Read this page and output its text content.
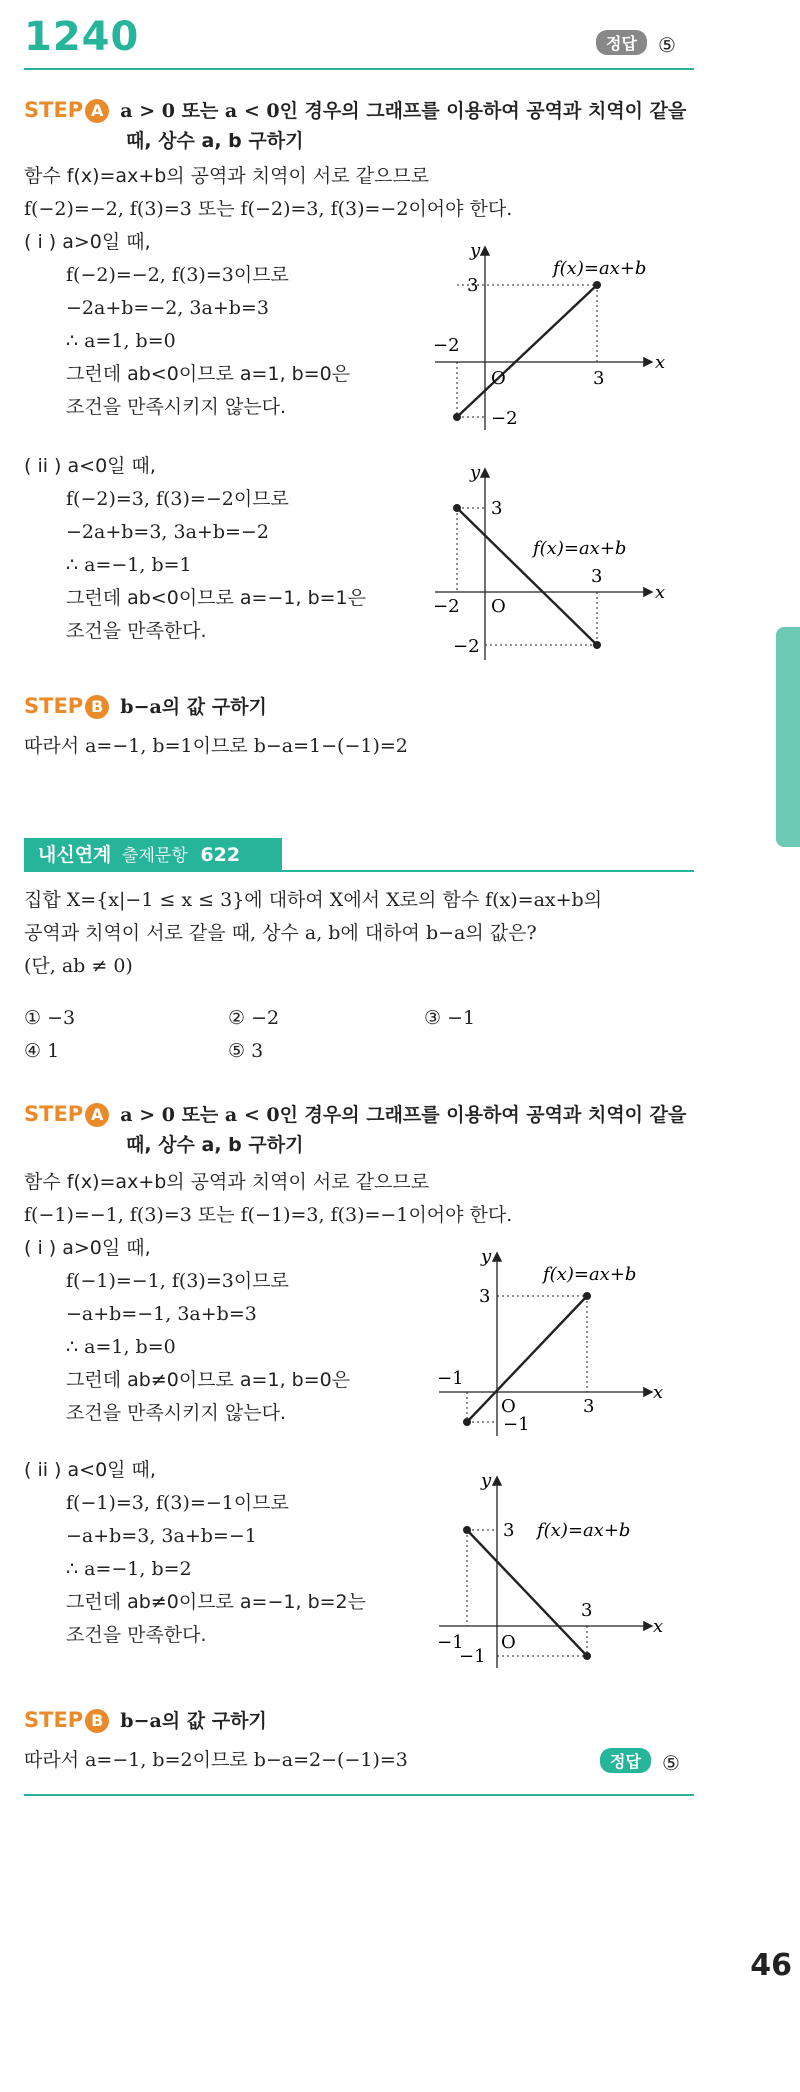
1240	정답 ⑤
STEP A a > 0 또는 a < 0인 경우의 그래프를 이용하여 공역과 치역이 같을
때, 상수 a, b 구하기
함수 f(x)=ax+b의 공역과 치역이 서로 같으므로
f(−2)=−2, f(3)=3 또는 f(−2)=3, f(3)=−2이어야 한다.
( i ) a>0일 때,
f(−2)=−2, f(3)=3이므로
−2a+b=−2, 3a+b=3
∴ a=1, b=0
그런데 ab<0이므로 a=1, b=0은
조건을 만족시키지 않는다.
y
x
f(x)=ax+b
3
O	3
−2
−2
( ii ) a<0일 때,
f(−2)=3, f(3)=−2이므로
−2a+b=3, 3a+b=−2
∴ a=−1, b=1
그런데 ab<0이므로 a=−1, b=1은
조건을 만족한다.
y
x
f(x)=ax+b
3
−2 O
3
−2
STEP B b−a의 값 구하기
따라서 a=−1, b=1이므로 b−a=1−(−1)=2
내신연계 출제문항 622
집합 X={x|−1 ≤ x ≤ 3}에 대하여 X에서 X로의 함수 f(x)=ax+b의
공역과 치역이 서로 같을 때, 상수 a, b에 대하여 b−a의 값은?
(단, ab ≠ 0)
① −3	② −2	③ −1
④ 1	⑤ 3
STEP A a > 0 또는 a < 0인 경우의 그래프를 이용하여 공역과 치역이 같을
때, 상수 a, b 구하기
함수 f(x)=ax+b의 공역과 치역이 서로 같으므로
f(−1)=−1, f(3)=3 또는 f(−1)=3, f(3)=−1이어야 한다.
( i ) a>0일 때,
f(−1)=−1, f(3)=3이므로
−a+b=−1, 3a+b=3
∴ a=1, b=0
그런데 ab≠0이므로 a=1, b=0은
조건을 만족시키지 않는다.
y
x
f(x)=ax+b
3
−1
O	3
−1
( ii ) a<0일 때,
f(−1)=3, f(3)=−1이므로
−a+b=3, 3a+b=−1
∴ a=−1, b=2
그런데 ab≠0이므로 a=−1, b=2는
조건을 만족한다.
y
x
f(x)=ax+b
3
−1 O
3
−1
STEP B b−a의 값 구하기
따라서 a=−1, b=2이므로 b−a=2−(−1)=3	정답 ⑤
46
